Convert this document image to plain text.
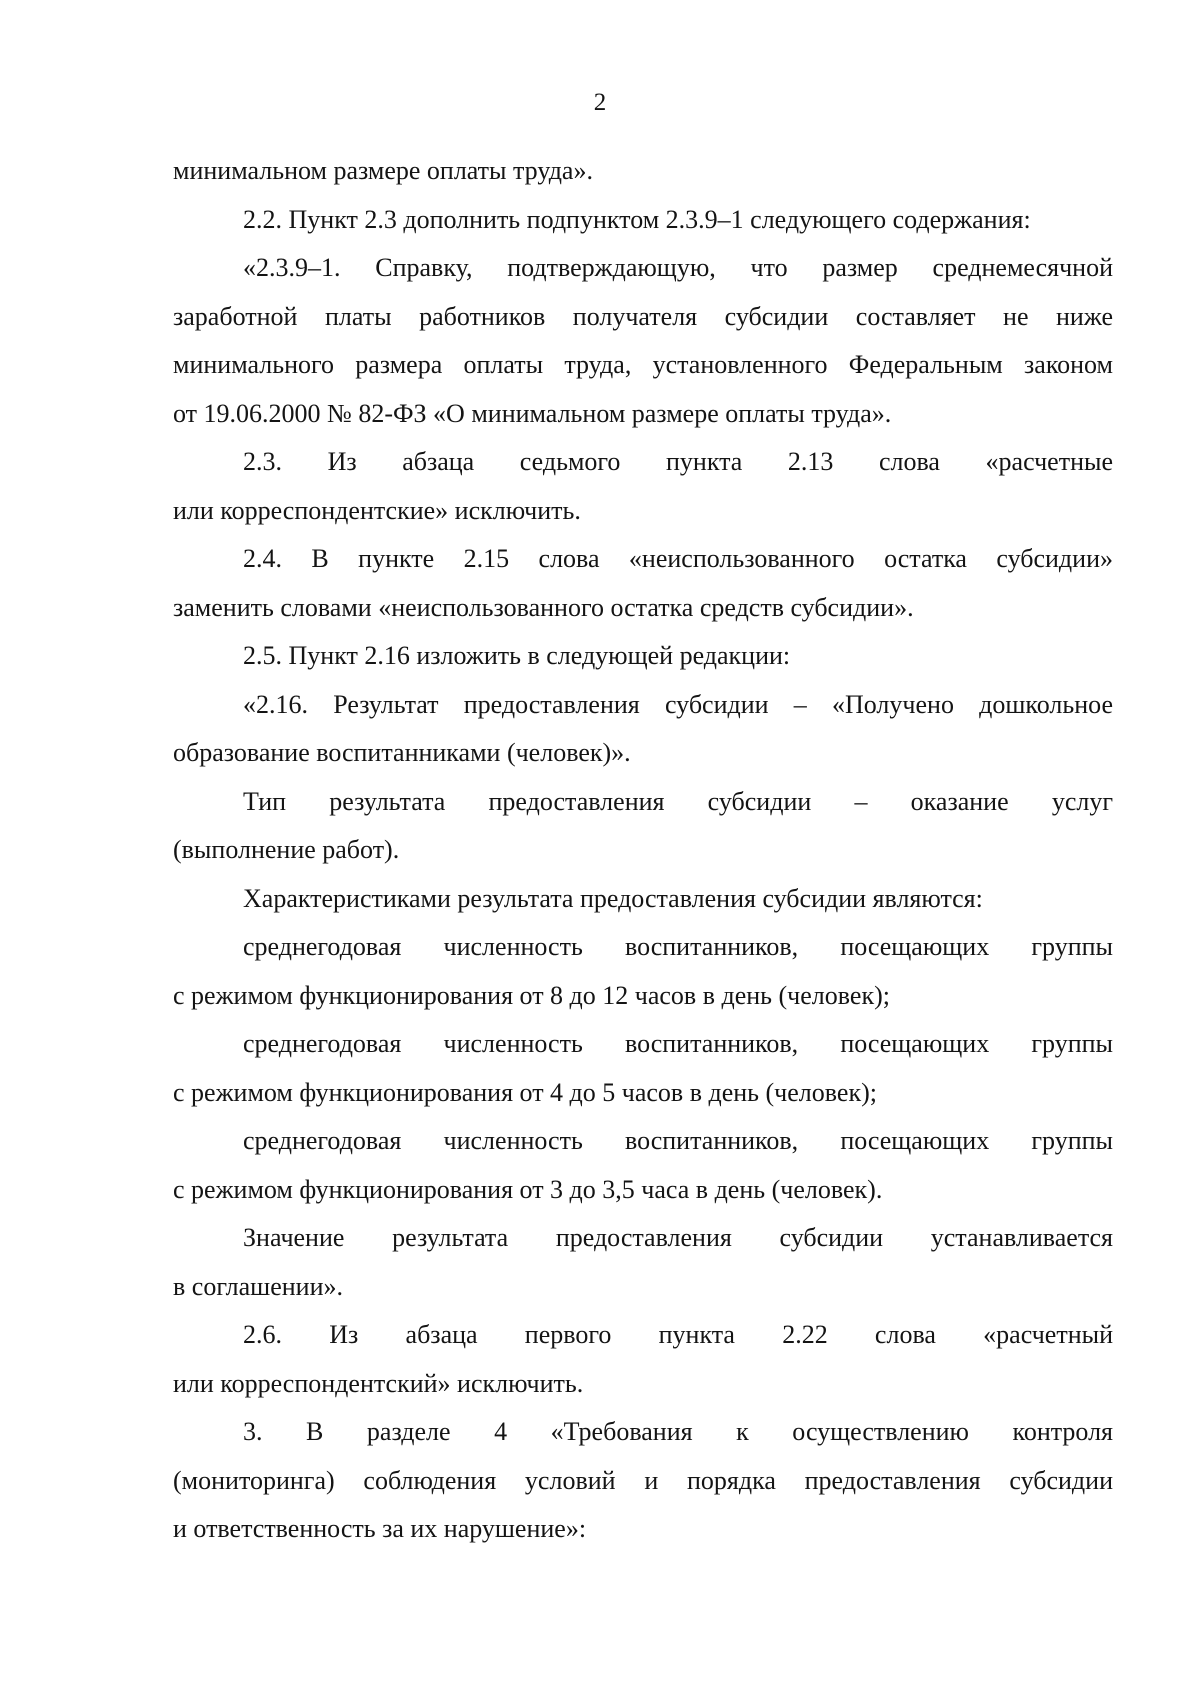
2
минимальном размере оплаты труда».
2.2. Пункт 2.3 дополнить подпунктом 2.3.9–1 следующего содержания:
«2.3.9–1. Справку, подтверждающую, что размер среднемесячной
заработной платы работников получателя субсидии составляет не ниже
минимального размера оплаты труда, установленного Федеральным законом
от 19.06.2000 № 82-ФЗ «О минимальном размере оплаты труда».
2.3. Из абзаца седьмого пункта 2.13 слова «расчетные
или корреспондентские» исключить.
2.4. В пункте 2.15 слова «неиспользованного остатка субсидии»
заменить словами «неиспользованного остатка средств субсидии».
2.5. Пункт 2.16 изложить в следующей редакции:
«2.16. Результат предоставления субсидии – «Получено дошкольное
образование воспитанниками (человек)».
Тип результата предоставления субсидии – оказание услуг
(выполнение работ).
Характеристиками результата предоставления субсидии являются:
среднегодовая численность воспитанников, посещающих группы
с режимом функционирования от 8 до 12 часов в день (человек);
среднегодовая численность воспитанников, посещающих группы
с режимом функционирования от 4 до 5 часов в день (человек);
среднегодовая численность воспитанников, посещающих группы
с режимом функционирования от 3 до 3,5 часа в день (человек).
Значение результата предоставления субсидии устанавливается
в соглашении».
2.6. Из абзаца первого пункта 2.22 слова «расчетный
или корреспондентский» исключить.
3. В разделе 4 «Требования к осуществлению контроля
(мониторинга) соблюдения условий и порядка предоставления субсидии
и ответственность за их нарушение»:
